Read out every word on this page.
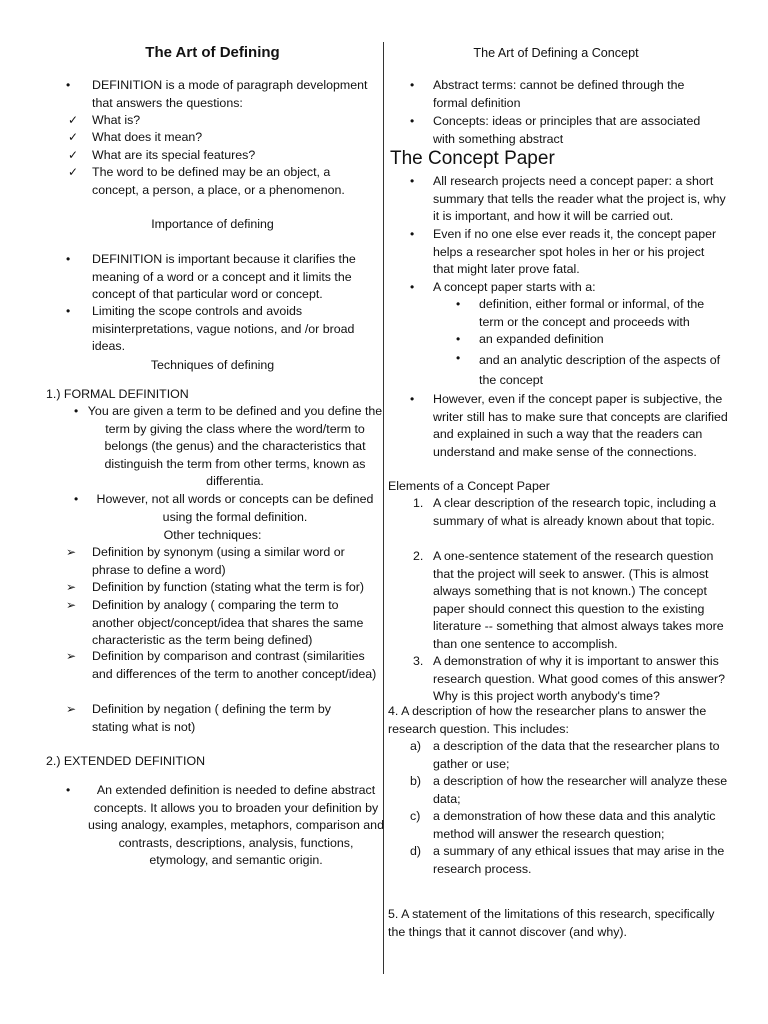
The Art of Defining
• DEFINITION is a mode of paragraph development that answers the questions:
✓ What is?
✓ What does it mean?
✓ What are its special features?
✓ The word to be defined may be an object, a concept, a person, a place, or a phenomenon.
Importance of defining
• DEFINITION is important because it clarifies the meaning of a word or a concept and it limits the concept of that particular word or concept.
• Limiting the scope controls and avoids misinterpretations, vague notions, and /or broad ideas.
Techniques of defining
1.) FORMAL DEFINITION
• You are given a term to be defined and you define the term by giving the class where the word/term to belongs (the genus) and the characteristics that distinguish the term from other terms, known as differentia.
•	However, not all words or concepts can be defined using the formal definition.
Other techniques:
➢ Definition by synonym (using a similar word or phrase to define a word)
➢ Definition by function (stating what the term is for)
➢ Definition by analogy ( comparing the term to another object/concept/idea that shares the same characteristic as the term being defined)
➢ Definition by comparison and contrast (similarities and differences of the term to another concept/idea)
➢ Definition by negation ( defining the term by stating what is not)
2.) EXTENDED DEFINITION
•	An extended definition is needed to define abstract concepts. It allows you to broaden your definition by using analogy, examples, metaphors, comparison and contrasts, descriptions, analysis, functions, etymology, and semantic origin.
The Art of Defining a Concept
• Abstract terms: cannot be defined through the formal definition
• Concepts: ideas or principles that are associated with something abstract
The Concept Paper
• All research projects need a concept paper: a short summary that tells the reader what the project is, why it is important, and how it will be carried out.
• Even if no one else ever reads it, the concept paper helps a researcher spot holes in her or his project that might later prove fatal.
• A concept paper starts with a:
• definition, either formal or informal, of the term or the concept and proceeds with
• an expanded definition
• and an analytic description of the aspects of the concept
• However, even if the concept paper is subjective, the writer still has to make sure that concepts are clarified and explained in such a way that the readers can understand and make sense of the connections.
Elements of a Concept Paper
1. A clear description of the research topic, including a summary of what is already known about that topic.
2. A one-sentence statement of the research question that the project will seek to answer. (This is almost always something that is not known.) The concept paper should connect this question to the existing literature -- something that almost always takes more than one sentence to accomplish.
3. A demonstration of why it is important to answer this research question. What good comes of this answer? Why is this project worth anybody's time?
4. A description of how the researcher plans to answer the research question. This includes:
a) a description of the data that the researcher plans to gather or use;
b) a description of how the researcher will analyze these data;
c) a demonstration of how these data and this analytic method will answer the research question;
d) a summary of any ethical issues that may arise in the research process.
5. A statement of the limitations of this research, specifically the things that it cannot discover (and why).
